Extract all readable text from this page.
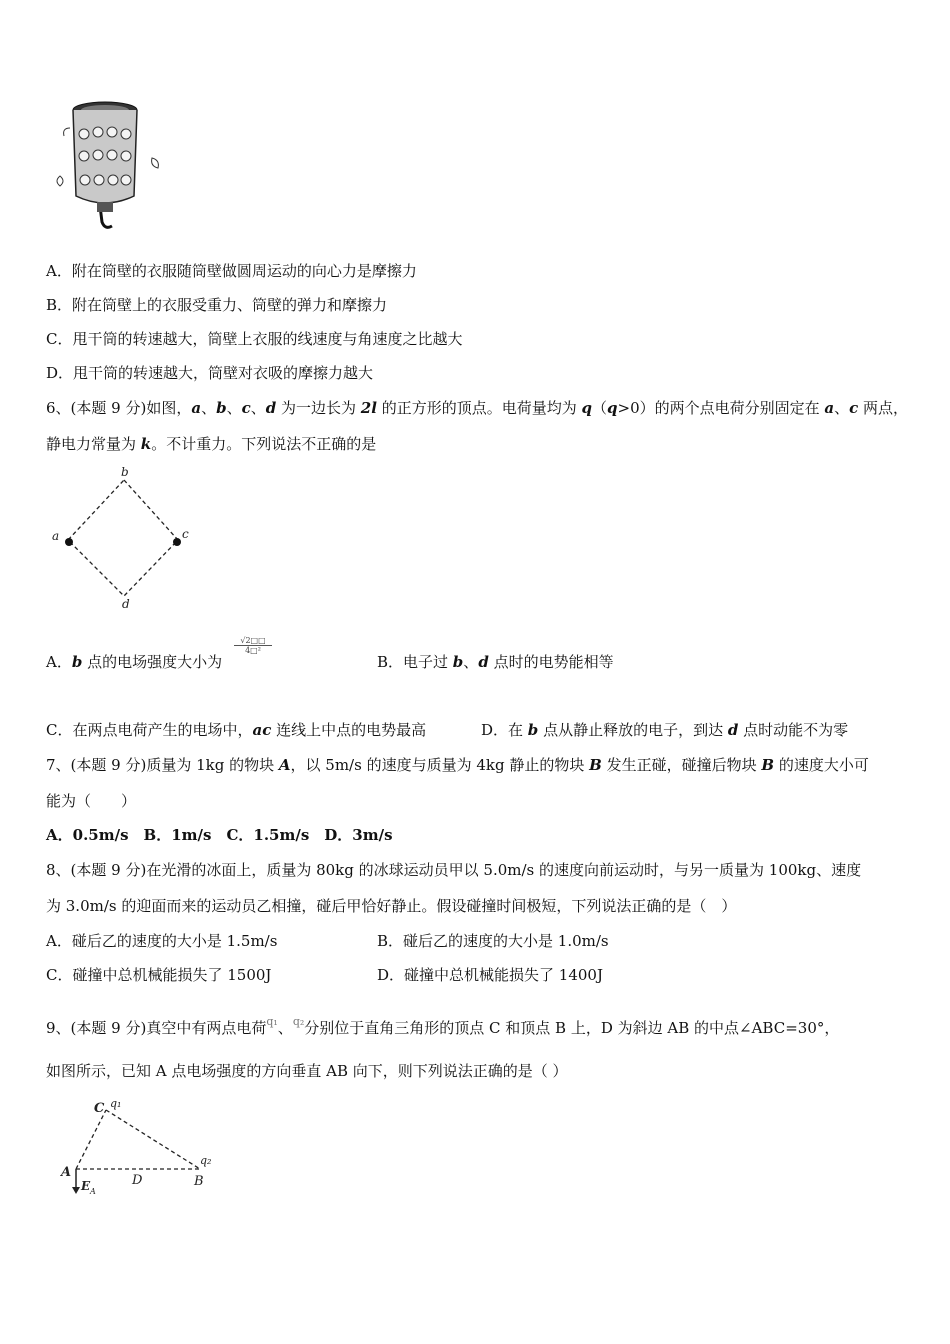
A．附在筒壁的衣服随筒壁做圆周运动的向心力是摩擦力
B．附在筒壁上的衣服受重力、筒壁的弹力和摩擦力
C．甩干筒的转速越大，筒壁上衣服的线速度与角速度之比越大
D．甩干筒的转速越大，筒壁对衣吸的摩擦力越大
6、(本题 9 分)如图，a、b、c、d 为一边长为 2l 的正方形的顶点。电荷量均为 q（q>0）的两个点电荷分别固定在 a、c 两点，
静电力常量为 k。不计重力。下列说法不正确的是
b
a	c
d
A．b 点的电场强度大小为
$\frac{√2□□}{\text{4□²}}$
B．电子过 b、d 点时的电势能相等
C．在两点电荷产生的电场中，ac 连线上中点的电势最高	D．在 b 点从静止释放的电子，到达 d 点时动能不为零
7、(本题 9 分)质量为 1kg 的物块 A，以 5m/s 的速度与质量为 4kg 静止的物块 B 发生正碰，碰撞后物块 B 的速度大小可
能为（　　）
A．0.5m/s　B．1m/s　C．1.5m/s　D．3m/s
8、(本题 9 分)在光滑的冰面上，质量为 80kg 的冰球运动员甲以 5.0m/s 的速度向前运动时，与另一质量为 100kg、速度
为 3.0m/s 的迎面而来的运动员乙相撞，碰后甲恰好静止。假设碰撞时间极短，下列说法正确的是（　）
A．碰后乙的速度的大小是 1.5m/s	B．碰后乙的速度的大小是 1.0m/s
C．碰撞中总机械能损失了 1500J	D．碰撞中总机械能损失了 1400J
9、(本题 9 分)真空中有两点电荷$^{q_1}$、$^{q_2}$分别位于直角三角形的顶点 C 和顶点 B 上，D 为斜边 AB 的中点∠ABC=30°，
如图所示，已知 A 点电场强度的方向垂直 AB 向下，则下列说法正确的是（ ）
C q₁
q₂
A
D	B
E A
